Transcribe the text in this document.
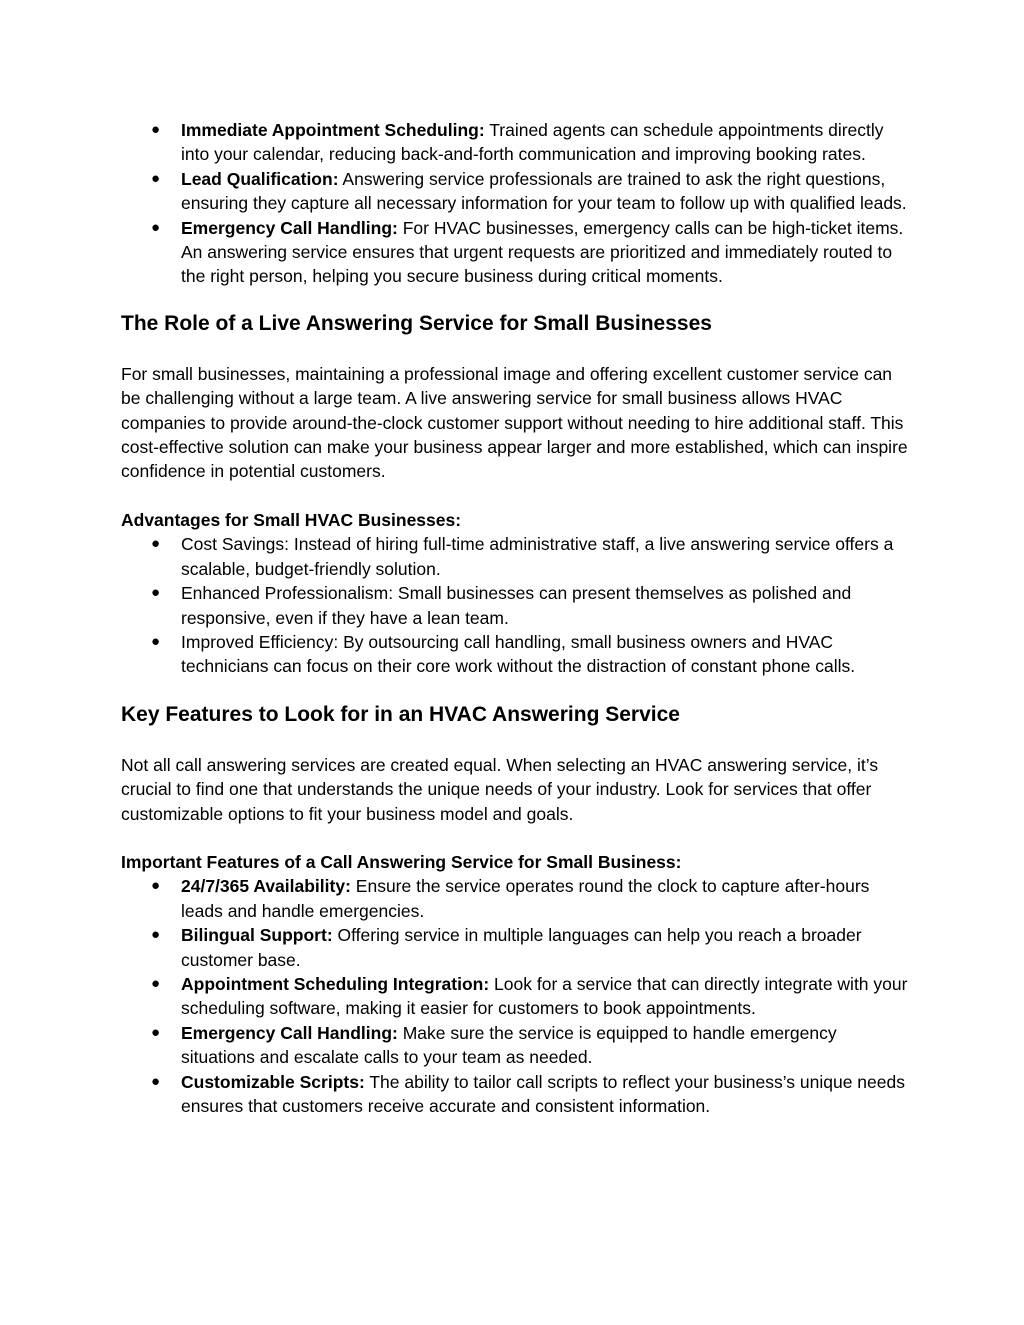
● Immediate Appointment Scheduling: Trained agents can schedule appointments directly into your calendar, reducing back-and-forth communication and improving booking rates.
● Lead Qualification: Answering service professionals are trained to ask the right questions, ensuring they capture all necessary information for your team to follow up with qualified leads.
● Emergency Call Handling: For HVAC businesses, emergency calls can be high-ticket items. An answering service ensures that urgent requests are prioritized and immediately routed to the right person, helping you secure business during critical moments.
The Role of a Live Answering Service for Small Businesses

For small businesses, maintaining a professional image and offering excellent customer service can be challenging without a large team. A live answering service for small business allows HVAC companies to provide around-the-clock customer support without needing to hire additional staff. This cost-effective solution can make your business appear larger and more established, which can inspire confidence in potential customers.

Advantages for Small HVAC Businesses:
● Cost Savings: Instead of hiring full-time administrative staff, a live answering service offers a scalable, budget-friendly solution.
● Enhanced Professionalism: Small businesses can present themselves as polished and responsive, even if they have a lean team.
● Improved Efficiency: By outsourcing call handling, small business owners and HVAC technicians can focus on their core work without the distraction of constant phone calls.
Key Features to Look for in an HVAC Answering Service

Not all call answering services are created equal. When selecting an HVAC answering service, it’s crucial to find one that understands the unique needs of your industry. Look for services that offer customizable options to fit your business model and goals.

Important Features of a Call Answering Service for Small Business:
● 24/7/365 Availability: Ensure the service operates round the clock to capture after-hours leads and handle emergencies.
● Bilingual Support: Offering service in multiple languages can help you reach a broader customer base.
● Appointment Scheduling Integration: Look for a service that can directly integrate with your scheduling software, making it easier for customers to book appointments.
● Emergency Call Handling: Make sure the service is equipped to handle emergency situations and escalate calls to your team as needed.
● Customizable Scripts: The ability to tailor call scripts to reflect your business’s unique needs ensures that customers receive accurate and consistent information.
